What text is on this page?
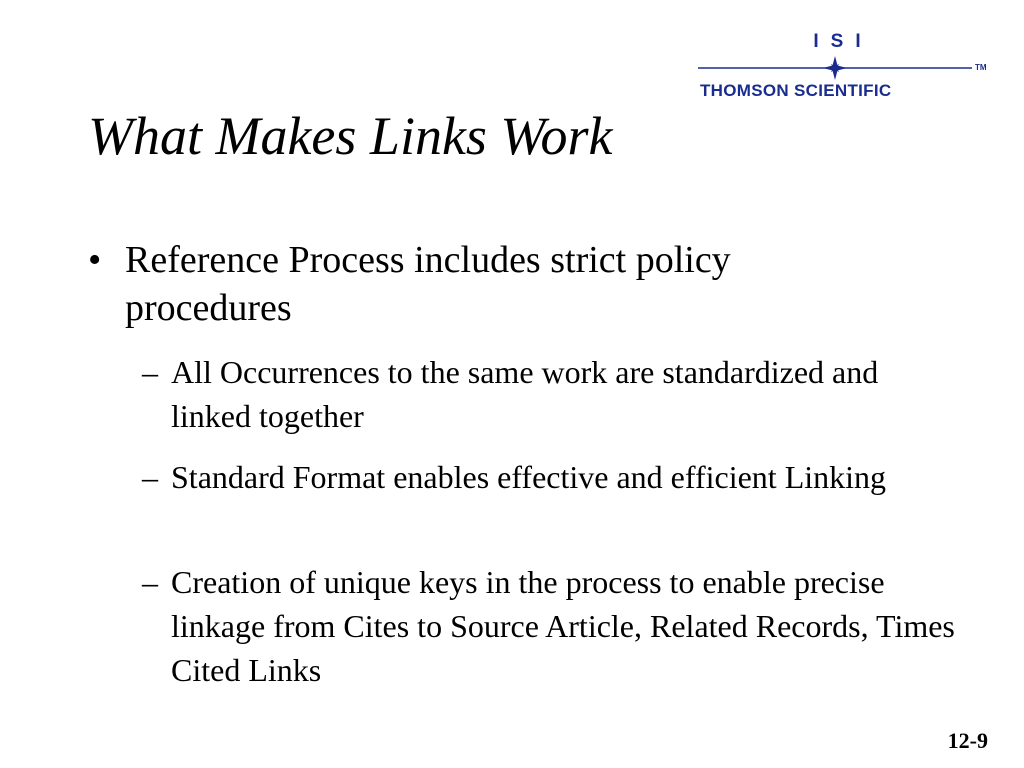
ISI
TM
THOMSON SCIENTIFIC
What Makes Links Work
• Reference Process includes strict policy procedures
– All Occurrences to the same work are standardized and linked together
– Standard Format enables effective and efficient Linking
– Creation of unique keys in the process to enable precise linkage from Cites to Source Article, Related Records, Times Cited Links
12-9
